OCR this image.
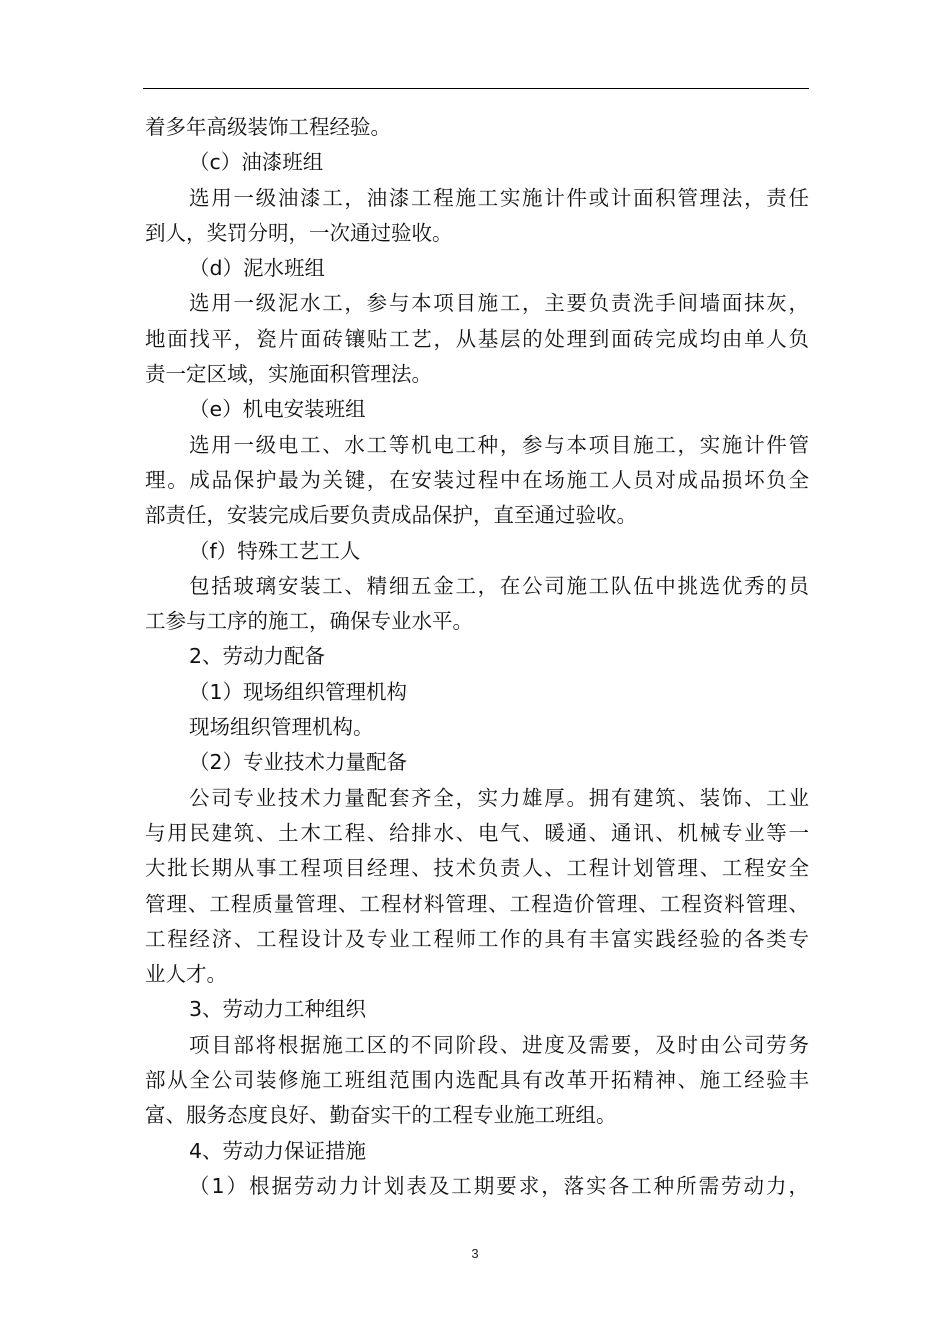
着多年高级装饰工程经验。
（c）油漆班组
选用一级油漆工，油漆工程施工实施计件或计面积管理法，责任
到人，奖罚分明，一次通过验收。
（d）泥水班组
选用一级泥水工，参与本项目施工，主要负责洗手间墙面抹灰，
地面找平，瓷片面砖镶贴工艺，从基层的处理到面砖完成均由单人负
责一定区域，实施面积管理法。
（e）机电安装班组
选用一级电工、水工等机电工种，参与本项目施工，实施计件管
理。成品保护最为关键，在安装过程中在场施工人员对成品损坏负全
部责任，安装完成后要负责成品保护，直至通过验收。
（f）特殊工艺工人
包括玻璃安装工、精细五金工，在公司施工队伍中挑选优秀的员
工参与工序的施工，确保专业水平。
2、劳动力配备
（1）现场组织管理机构
现场组织管理机构。
（2）专业技术力量配备
公司专业技术力量配套齐全，实力雄厚。拥有建筑、装饰、工业
与用民建筑、土木工程、给排水、电气、暖通、通讯、机械专业等一
大批长期从事工程项目经理、技术负责人、工程计划管理、工程安全
管理、工程质量管理、工程材料管理、工程造价管理、工程资料管理、
工程经济、工程设计及专业工程师工作的具有丰富实践经验的各类专
业人才。
3、劳动力工种组织
项目部将根据施工区的不同阶段、进度及需要，及时由公司劳务
部从全公司装修施工班组范围内选配具有改革开拓精神、施工经验丰
富、服务态度良好、勤奋实干的工程专业施工班组。
4、劳动力保证措施
（1）根据劳动力计划表及工期要求，落实各工种所需劳动力，
3
